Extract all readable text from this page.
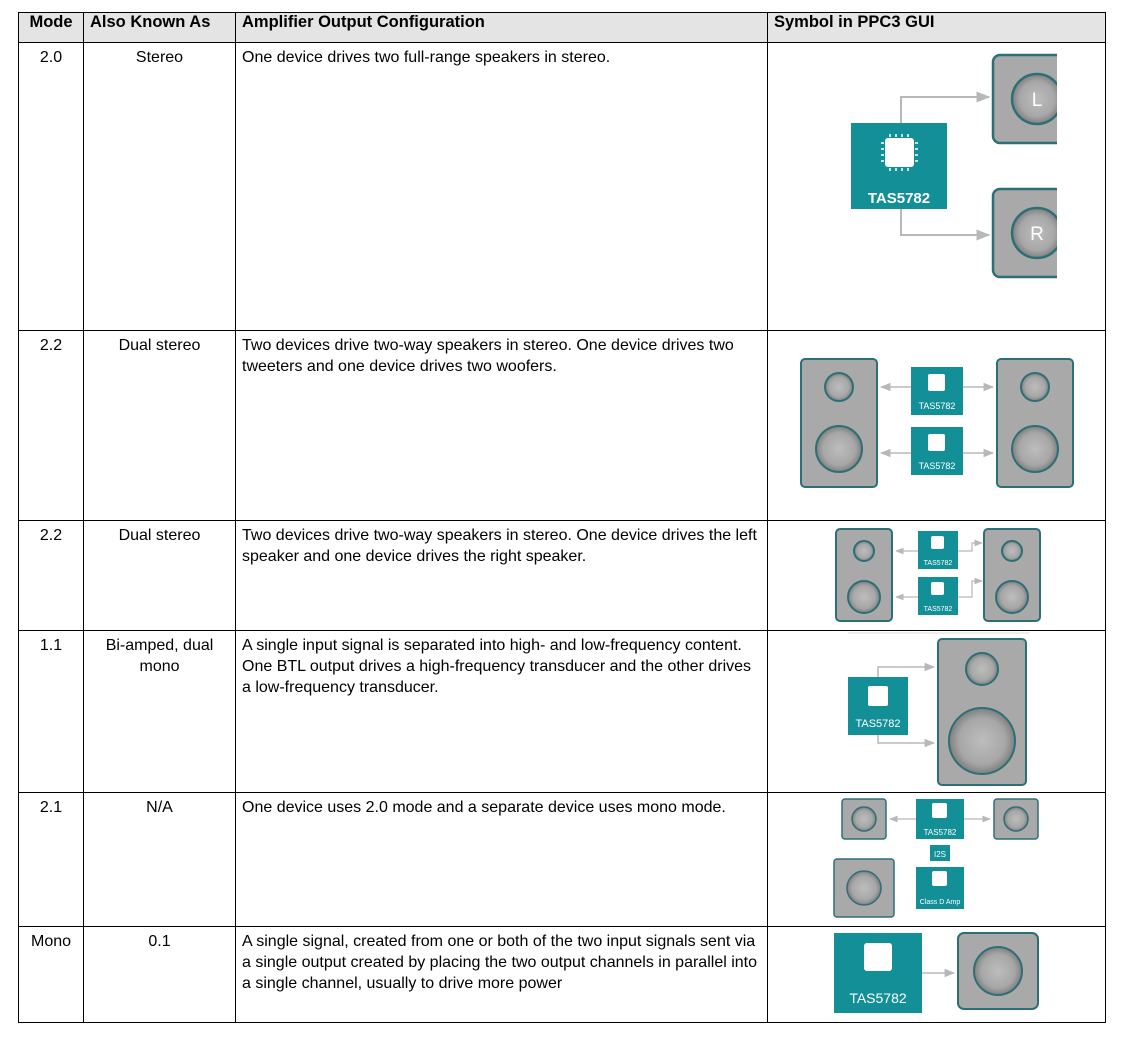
Mode	Also Known As	Amplifier Output Configuration	Symbol in PPC3 GUI
2.0	Stereo	One device drives two full-range speakers in stereo.	TAS5782
L
R

2.2	Dual stereo	Two devices drive two-way speakers in stereo. One device drives two tweeters and one device drives two woofers.	TAS5782
TAS5782

2.2	Dual stereo	Two devices drive two-way speakers in stereo. One device drives the left speaker and one device drives the right speaker.	TAS5782
TAS5782

1.1	Bi-amped, dual mono	A single input signal is separated into high- and low-frequency content. One BTL output drives a high-frequency transducer and the other drives a low-frequency transducer.	TAS5782

2.1	N/A	One device uses 2.0 mode and a separate device uses mono mode.	TAS5782
I2S
Class D Amp

Mono	0.1	A single signal, created from one or both of the two input signals sent via a single output created by placing the two output channels in parallel into a single channel, usually to drive more power	TAS5782
